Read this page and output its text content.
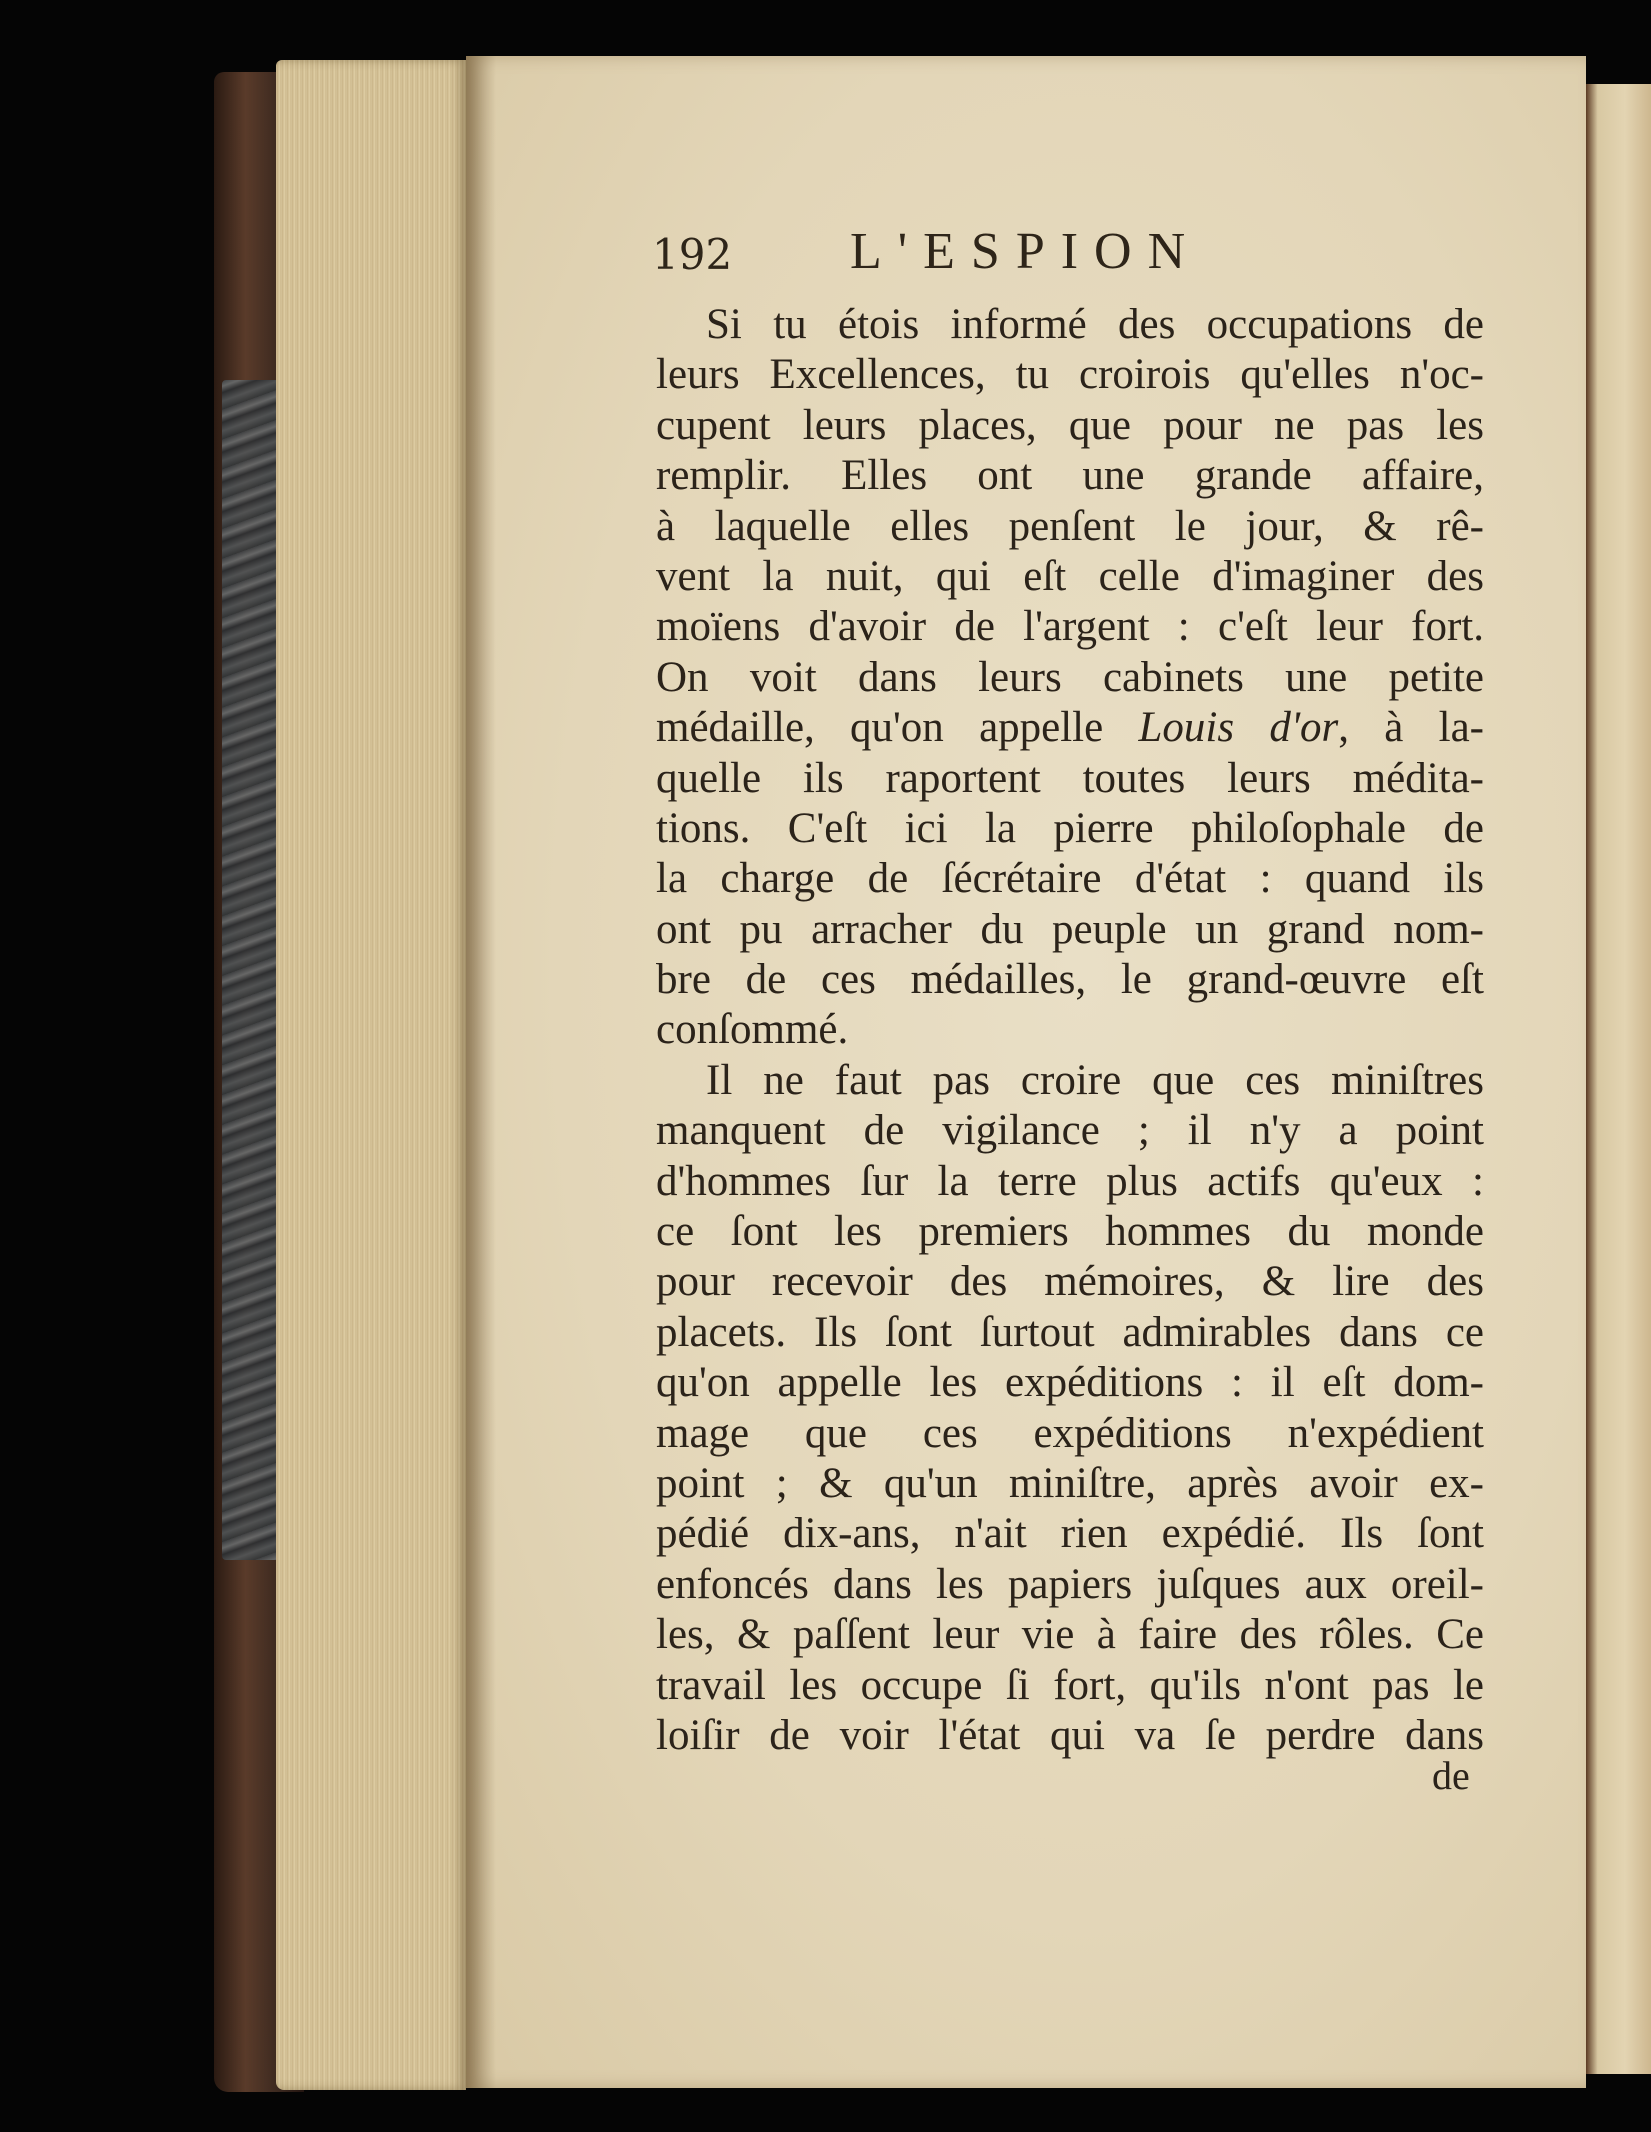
192 L'ESPION
Si tu étois informé des occupations de
leurs Excellences, tu croirois qu'elles n'oc-
cupent leurs places, que pour ne pas les
remplir. Elles ont une grande affaire,
à laquelle elles penſent le jour, & rê-
vent la nuit, qui eſt celle d'imaginer des
moïens d'avoir de l'argent : c'eſt leur fort.
On voit dans leurs cabinets une petite
médaille, qu'on appelle Louis d'or, à la-
quelle ils raportent toutes leurs médita-
tions. C'eſt ici la pierre philoſophale de
la charge de ſécrétaire d'état : quand ils
ont pu arracher du peuple un grand nom-
bre de ces médailles, le grand-œuvre eſt
conſommé.
Il ne faut pas croire que ces miniſtres
manquent de vigilance ; il n'y a point
d'hommes ſur la terre plus actifs qu'eux :
ce ſont les premiers hommes du monde
pour recevoir des mémoires, & lire des
placets. Ils ſont ſurtout admirables dans ce
qu'on appelle les expéditions : il eſt dom-
mage que ces expéditions n'expédient
point ; & qu'un miniſtre, après avoir ex-
pédié dix-ans, n'ait rien expédié. Ils ſont
enfoncés dans les papiers juſques aux oreil-
les, & paſſent leur vie à faire des rôles. Ce
travail les occupe ſi fort, qu'ils n'ont pas le
loiſir de voir l'état qui va ſe perdre dans
de
